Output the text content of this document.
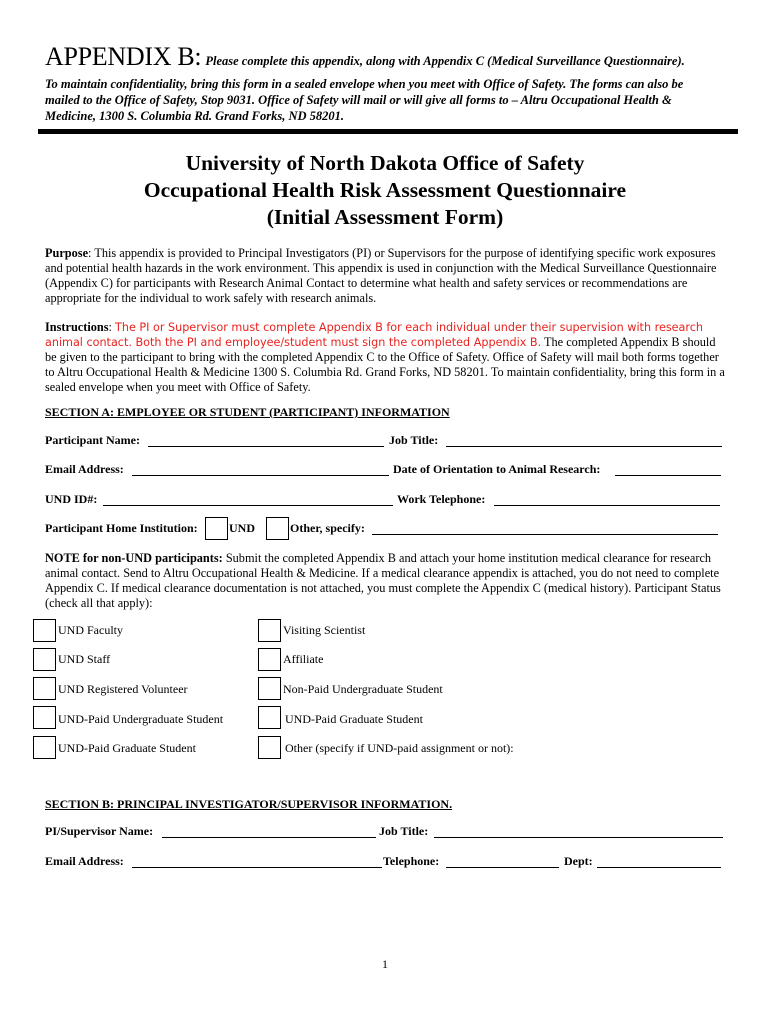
APPENDIX B: Please complete this appendix, along with Appendix C (Medical Surveillance Questionnaire).
To maintain confidentiality, bring this form in a sealed envelope when you meet with Office of Safety. The forms can also be
mailed to the Office of Safety, Stop 9031. Office of Safety will mail or will give all forms to – Altru Occupational Health &
Medicine, 1300 S. Columbia Rd. Grand Forks, ND 58201.
University of North Dakota Office of Safety
Occupational Health Risk Assessment Questionnaire
(Initial Assessment Form)
Purpose: This appendix is provided to Principal Investigators (PI) or Supervisors for the purpose of identifying specific work exposures and potential health hazards in the work environment. This appendix is used in conjunction with the Medical Surveillance Questionnaire (Appendix C) for participants with Research Animal Contact to determine what health and safety services or recommendations are appropriate for the individual to work safely with research animals.
Instructions: The PI or Supervisor must complete Appendix B for each individual under their supervision with research animal contact. Both the PI and employee/student must sign the completed Appendix B. The completed Appendix B should be given to the participant to bring with the completed Appendix C to the Office of Safety. Office of Safety will mail both forms together to Altru Occupational Health & Medicine 1300 S. Columbia Rd. Grand Forks, ND 58201. To maintain confidentiality, bring this form in a sealed envelope when you meet with Office of Safety.
SECTION A: EMPLOYEE OR STUDENT (PARTICIPANT) INFORMATION
Participant Name:	Job Title:
Email Address:	Date of Orientation to Animal Research:
UND ID#:	Work Telephone:
Participant Home Institution:	UND	Other, specify:
NOTE for non-UND participants: Submit the completed Appendix B and attach your home institution medical clearance for research animal contact. Send to Altru Occupational Health & Medicine. If a medical clearance appendix is attached, you do not need to complete Appendix C. If medical clearance documentation is not attached, you must complete the Appendix C (medical history). Participant Status (check all that apply):
UND Faculty	Visiting Scientist
UND Staff	Affiliate
UND Registered Volunteer	Non-Paid Undergraduate Student
UND-Paid Undergraduate Student	UND-Paid Graduate Student
UND-Paid Graduate Student	Other (specify if UND-paid assignment or not):
SECTION B: PRINCIPAL INVESTIGATOR/SUPERVISOR INFORMATION.
PI/Supervisor Name:	Job Title:
Email Address:	Telephone:	Dept:
1
